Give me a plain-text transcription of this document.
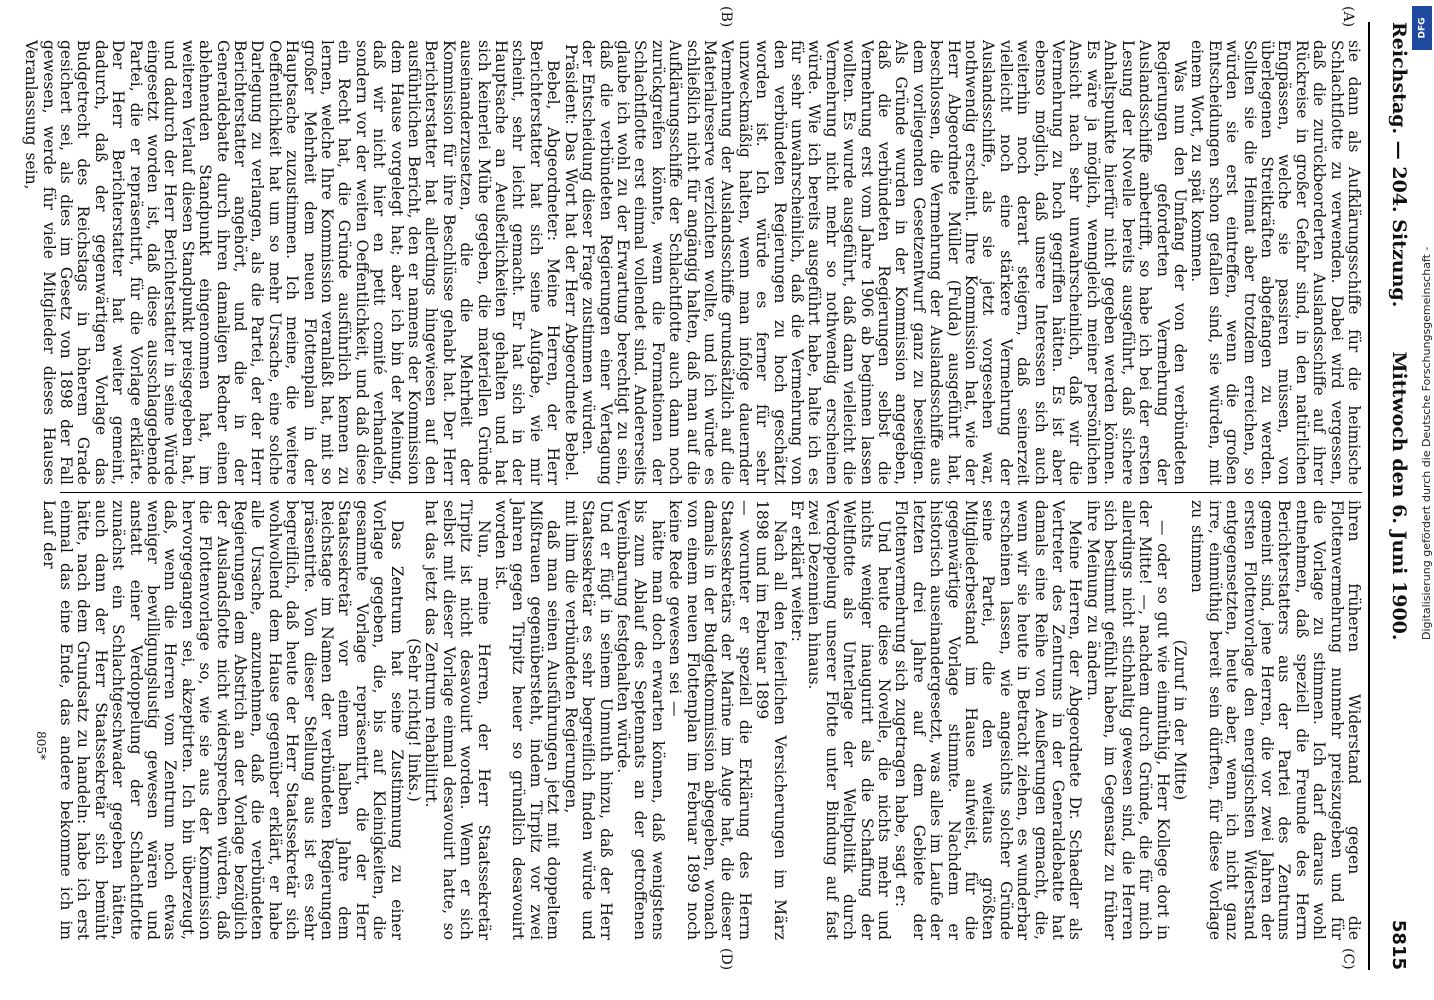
Reichstag. — 204. Sitzung.
Mittwoch den 6. Juni 1900.
5815
(A)
(B)
(C)
(D)

sie dann als Aufklärungsschiffe für die heimische Schlachtflotte zu verwenden. Dabei wird vergessen, daß die zurückbeorderten Auslandsschiffe auf ihrer Rückreise in großer Gefahr sind, in den natürlichen Engpässen, welche sie passiren müssen, von überlegenen Streitkräften abgefangen zu werden. Sollten sie die Heimat aber trotzdem erreichen, so würden sie erst eintreffen, wenn die großen Entscheidungen schon gefallen sind, sie würden, mit einem Wort, zu spät kommen.

Was nun den Umfang der von den verbündeten Regierungen geforderten Vermehrung der Auslandsschiffe anbetrifft, so habe ich bei der ersten Lesung der Novelle bereits ausgeführt, daß sichere Anhaltspunkte hierfür nicht gegeben werden können. Es wäre ja möglich, wenngleich meiner persönlichen Ansicht nach sehr unwahrscheinlich, daß wir die Vermehrung zu hoch gegriffen hätten. Es ist aber ebenso möglich, daß unsere Interessen sich auch weiterhin noch derart steigern, daß seinerzeit vielleicht noch eine stärkere Vermehrung der Auslandsschiffe, als sie jetzt vorgesehen war, nothwendig erscheint. Ihre Kommission hat, wie der Herr Abgeordnete Müller (Fulda) ausgeführt hat, beschlossen, die Vermehrung der Auslandsschiffe aus dem vorliegenden Gesetzentwurf ganz zu beseitigen. Als Gründe wurden in der Kommission angegeben, daß die verbündeten Regierungen selbst die Vermehrung erst vom Jahre 1906 ab beginnen lassen wollten. Es wurde ausgeführt, daß dann vielleicht die Vermehrung nicht mehr so nothwendig erscheinen würde. Wie ich bereits ausgeführt habe, halte ich es für sehr unwahrscheinlich, daß die Vermehrung von den verbündeten Regierungen zu hoch geschätzt worden ist. Ich würde es ferner für sehr unzweckmäßig halten, wenn man infolge dauernder Vermehrung der Auslandsschiffe grundsätzlich auf die Materialreserve verzichten wollte, und ich würde es schließlich nicht für angängig halten, daß man auf die Aufklärungsschiffe der Schlachtflotte auch dann noch zurückgreifen könnte, wenn die Formationen der Schlachtflotte erst einmal vollendet sind. Andererseits glaube ich wohl zu der Erwartung berechtigt zu sein, daß die verbündeten Regierungen einer Vertagung der Entscheidung dieser Frage zustimmen würden.

Präsident: Das Wort hat der Herr Abgeordnete Bebel.

Bebel, Abgeordneter: Meine Herren, der Herr Berichterstatter hat sich seine Aufgabe, wie mir scheint, sehr leicht gemacht. Er hat sich in der Hauptsache an Aeußerlichkeiten gehalten und hat sich keinerlei Mühe gegeben, die materiellen Gründe auseinanderzusetzen, die die Mehrheit der Kommission für ihre Beschlüsse gehabt hat. Der Herr Berichterstatter hat allerdings hingewiesen auf den ausführlichen Bericht, den er namens der Kommission dem Hause vorgelegt hat; aber ich bin der Meinung, daß wir nicht hier en petit comité verhandeln, sondern vor der weiten Oeffentlichkeit, und daß diese ein Recht hat, die Gründe ausführlich kennen zu lernen, welche Ihre Kommission veranlaßt hat, mit so großer Mehrheit dem neuen Flottenplan in der Hauptsache zuzustimmen. Ich meine, die weitere Oeffentlichkeit hat um so mehr Ursache, eine solche Darlegung zu verlangen, als die Partei, der der Herr Berichterstatter angehört, und die in der Generaldebatte durch ihren damaligen Redner einen ablehnenden Standpunkt eingenommen hat, im weiteren Verlauf diesen Standpunkt preisgegeben hat, und dadurch der Herr Berichterstatter in seine Würde eingesetzt worden ist, daß diese ausschlaggebende Partei, die er repräsentirt, für die Vorlage erklärte. Der Herr Berichterstatter hat weiter gemeint, dadurch, daß der gegenwärtigen Vorlage das Budgetrecht des Reichstags in höherem Grade gesichert sei, als dies im Gesetz von 1898 der Fall gewesen, werde für viele Mitglieder dieses Hauses Veranlassung sein,

ihren früheren Widerstand gegen die Flottenvermehrung nunmehr preiszugeben und für die Vorlage zu stimmen. Ich darf daraus wohl entnehmen, daß speziell die Freunde des Herrn Berichterstatters aus der Partei des Zentrums gemeint sind, jene Herren, die vor zwei Jahren der ersten Flottenvorlage den energischsten Widerstand entgegensetzten, heute aber, wenn ich nicht ganz irre, einmüthig bereit sein dürften, für diese Vorlage zu stimmen

(Zuruf in der Mitte)

— oder so gut wie einmüthig, Herr Kollege dort in der Mitte! —, nachdem durch Gründe, die für mich allerdings nicht stichhaltig gewesen sind, die Herren sich bestimmt gefühlt haben, im Gegensatz zu früher ihre Meinung zu ändern.

Meine Herren, der Abgeordnete Dr. Schaedler als Vertreter des Zentrums in der Generaldebatte hat damals eine Reihe von Aeußerungen gemacht, die, wenn wir sie heute in Betracht ziehen, es wunderbar erscheinen lassen, wie angesichts solcher Gründe seine Partei, die den weitaus größten Mitgliederbestand im Hause aufweist, für die gegenwärtige Vorlage stimmte. Nachdem er historisch auseinandergesetzt, was alles im Laufe der letzten drei Jahre auf dem Gebiete der Flottenvermehrung sich zugetragen habe, sagt er:

Und heute diese Novelle, die nichts mehr und nichts weniger inaugurirt als die Schaffung der Weltflotte als Unterlage der Weltpolitik durch Verdoppelung unserer Flotte unter Bindung auf fast zwei Dezennien hinaus.

Er erklärt weiter:

Nach all den feierlichen Versicherungen im März 1898 und im Februar 1899

— worunter er speziell die Erklärung des Herrn Staatssekretärs der Marine im Auge hat, die dieser damals in der Budgetkommission abgegeben, wonach von einem neuen Flottenplan im Februar 1899 noch keine Rede gewesen sei —

hätte man doch erwarten können, daß wenigstens bis zum Ablauf des Septennats an der getroffenen Vereinbarung festgehalten würde.

Und er fügt in seinem Unmuth hinzu, daß der Herr Staatssekretär es sehr begreiflich finden würde und mit ihm die verbündeten Regierungen,

daß man seinen Ausführungen jetzt mit doppeltem Mißtrauen gegenübersteht, indem Tirpitz vor zwei Jahren gegen Tirpitz heuer so gründlich desavouirt worden ist.

Nun, meine Herren, der Herr Staatssekretär Tirpitz ist nicht desavouirt worden. Wenn er sich selbst mit dieser Vorlage einmal desavouirt hatte, so hat das jetzt das Zentrum rehabilitirt.

(Sehr richtig! links.)

Das Zentrum hat seine Zustimmung zu einer Vorlage gegeben, die, bis auf Kleinigkeiten, die gesammte Vorlage repräsentirt, die der Herr Staatssekretär vor einem halben Jahre dem Reichstage im Namen der verbündeten Regierungen präsentirte. Von dieser Stellung aus ist es sehr begreiflich, daß heute der Herr Staatssekretär sich wohlwollend dem Hause gegenüber erklärt, er habe alle Ursache, anzunehmen, daß die verbündeten Regierungen dem Abstrich an der Vorlage bezüglich der Auslandsflotte nicht widersprechen würden, daß die Flottenvorlage so, wie sie aus der Kommission hervorgegangen sei, akzeptirten. Ich bin überzeugt, daß, wenn die Herren vom Zentrum noch etwas weniger bewilligungslustig gewesen wären und anstatt einer Verdoppelung der Schlachtflotte zunächst ein Schlachtgeschwader gegeben hätten, auch dann der Herr Staatssekretär sich bemüht hätte, nach dem Grundsatz zu handeln: habe ich erst einmal das eine Ende, das andere bekomme ich im Lauf der

805*
Digitalisierung gefördert durch die Deutsche Forschungsgemeinschaft -
DFG
